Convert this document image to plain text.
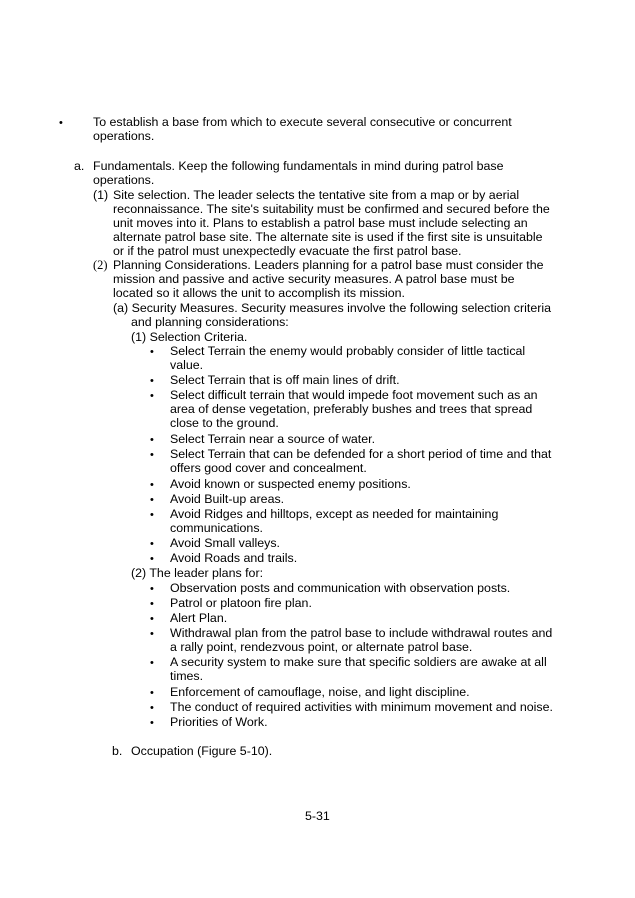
• To establish a base from which to execute several consecutive or concurrent
operations.
a. Fundamentals. Keep the following fundamentals in mind during patrol base
operations.
(1) Site selection. The leader selects the tentative site from a map or by aerial
reconnaissance. The site's suitability must be confirmed and secured before the
unit moves into it. Plans to establish a patrol base must include selecting an
alternate patrol base site. The alternate site is used if the first site is unsuitable
or if the patrol must unexpectedly evacuate the first patrol base.
(2) Planning Considerations. Leaders planning for a patrol base must consider the
mission and passive and active security measures. A patrol base must be
located so it allows the unit to accomplish its mission.
(a) Security Measures. Security measures involve the following selection criteria
and planning considerations:
(1) Selection Criteria.
• Select Terrain the enemy would probably consider of little tactical
value.
• Select Terrain that is off main lines of drift.
• Select difficult terrain that would impede foot movement such as an
area of dense vegetation, preferably bushes and trees that spread
close to the ground.
• Select Terrain near a source of water.
• Select Terrain that can be defended for a short period of time and that
offers good cover and concealment.
• Avoid known or suspected enemy positions.
• Avoid Built-up areas.
• Avoid Ridges and hilltops, except as needed for maintaining
communications.
• Avoid Small valleys.
• Avoid Roads and trails.
(2) The leader plans for:
• Observation posts and communication with observation posts.
• Patrol or platoon fire plan.
• Alert Plan.
• Withdrawal plan from the patrol base to include withdrawal routes and
a rally point, rendezvous point, or alternate patrol base.
• A security system to make sure that specific soldiers are awake at all
times.
• Enforcement of camouflage, noise, and light discipline.
• The conduct of required activities with minimum movement and noise.
• Priorities of Work.
b. Occupation (Figure 5-10).
5-31
